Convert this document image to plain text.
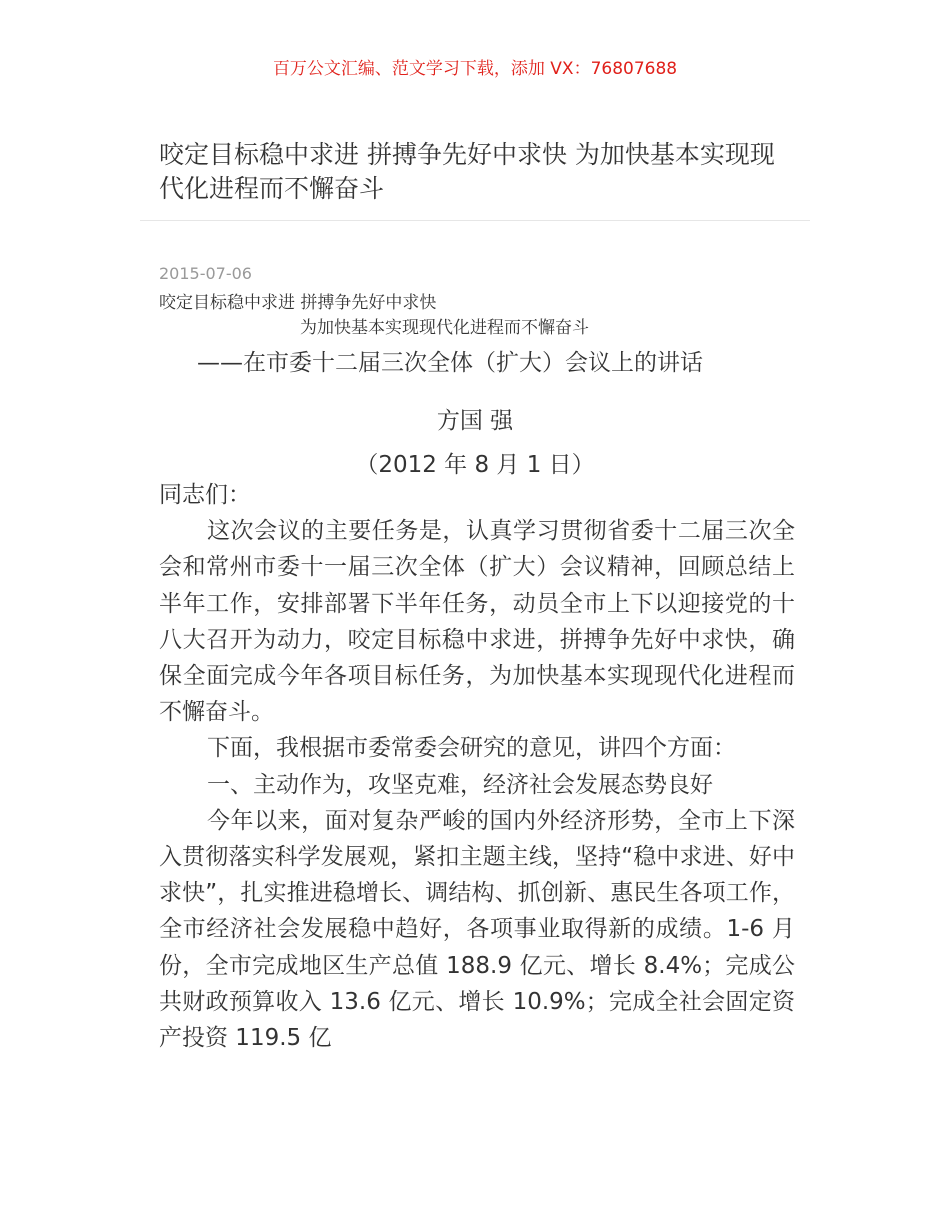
百万公文汇编、范文学习下载，添加 VX：76807688
咬定目标稳中求进 拼搏争先好中求快 为加快基本实现现代化进程而不懈奋斗
2015-07-06
咬定目标稳中求进 拼搏争先好中求快
为加快基本实现现代化进程而不懈奋斗
——在市委十二届三次全体（扩大）会议上的讲话
方国 强
（2012 年 8 月 1 日）

同志们：

这次会议的主要任务是，认真学习贯彻省委十二届三次全会和常州市委十一届三次全体（扩大）会议精神，回顾总结上半年工作，安排部署下半年任务，动员全市上下以迎接党的十八大召开为动力，咬定目标稳中求进，拼搏争先好中求快，确保全面完成今年各项目标任务，为加快基本实现现代化进程而不懈奋斗。

下面，我根据市委常委会研究的意见，讲四个方面：

一、主动作为，攻坚克难，经济社会发展态势良好

今年以来，面对复杂严峻的国内外经济形势，全市上下深入贯彻落实科学发展观，紧扣主题主线，坚持“稳中求进、好中求快”，扎实推进稳增长、调结构、抓创新、惠民生各项工作，全市经济社会发展稳中趋好，各项事业取得新的成绩。1-6 月份，全市完成地区生产总值 188.9 亿元、增长 8.4%；完成公共财政预算收入 13.6 亿元、增长 10.9%；完成全社会固定资产投资 119.5 亿
